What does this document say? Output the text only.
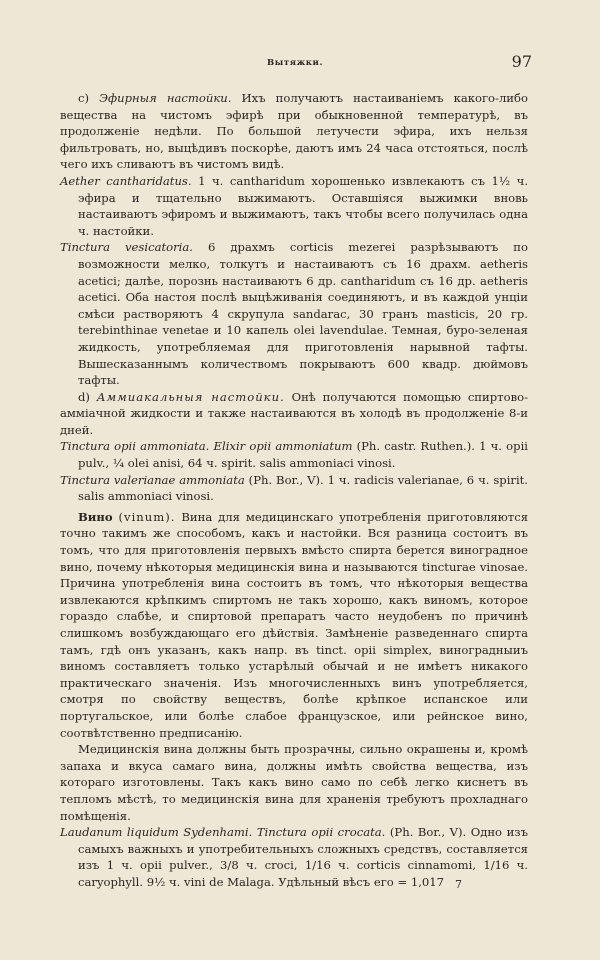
Вытяжки.	97

c) Эфирныя настойки. Ихъ получаютъ настаиваніемъ какого-либо вещества на чистомъ эфирѣ при обыкновенной температурѣ, въ продолженіе недѣли. По большой летучести эфира, ихъ нельзя фильтровать, но, выцѣдивъ поскорѣе, даютъ имъ 24 часа отстояться, послѣ чего ихъ сливаютъ въ чистомъ видѣ.

Aether cantharidatus. 1 ч. cantharidum хорошенько извлекаютъ съ 1½ ч. эфира и тщательно выжимаютъ. Оставшіяся выжимки вновь настаиваютъ эфиромъ и выжимаютъ, такъ чтобы всего получилась одна ч. настойки.

Tinctura vesicatoria. 6 драхмъ corticis mezerei разрѣзываютъ по возможности мелко, толкутъ и настаиваютъ съ 16 драхм. aetheris acetici; далѣе, порознь настаиваютъ 6 др. cantharidum съ 16 др. aetheris acetici. Оба настоя послѣ выцѣживанія соединяютъ, и въ каждой унціи смѣси растворяютъ 4 скрупула sandarac, 30 гранъ masticis, 20 гр. terebinthinae venetae и 10 капель olei lavendulae. Темная, буро-зеленая жидкость, употребляемая для приготовленія нарывной тафты. Вышесказаннымъ количествомъ покрываютъ 600 квадр. дюймовъ тафты.

d) Аммиакальныя настойки. Онѣ получаются помощью спиртово-аммiачной жидкости и также настаиваются въ холодѣ въ продолженіе 8-и дней.

Tinctura opii ammoniata. Elixir opii ammoniatum (Ph. castr. Ruthen.). 1 ч. opii pulv., ¼ olei anisi, 64 ч. spirit. salis ammoniaci vinosi.

Tinctura valerianae ammoniata (Ph. Bor., V). 1 ч. radicis valerianae, 6 ч. spirit. salis ammoniaci vinosi.

Вино (vinum). Вина для медицинскаго употребленія приготовляются точно такимъ же способомъ, какъ и настойки. Вся разница состоитъ въ томъ, что для приготовленія первыхъ вмѣсто спирта берется виноградное вино, почему нѣкоторыя медицинскія вина и называются tincturae vinosae. Причина употребленія вина состоитъ въ томъ, что нѣкоторыя вещества извлекаются крѣпкимъ спиртомъ не такъ хорошо, какъ виномъ, которое гораздо слабѣе, и спиртовой препаратъ часто неудобенъ по причинѣ слишкомъ возбуждающаго его дѣйствія. Замѣненіе разведеннаго спирта тамъ, гдѣ онъ указанъ, какъ напр. въ tinct. opii simplex, виноградныиъ виномъ составляетъ только устарѣлый обычай и не имѣетъ никакого практическаго значенія. Изъ многочисленныхъ винъ употребляется, смотря по свойству веществъ, болѣе крѣпкое испанское или португальское, или болѣе слабое французское, или рейнское вино, соотвѣтственно предписанію.

Медицинскія вина должны быть прозрачны, сильно окрашены и, кромѣ запаха и вкуса самаго вина, должны имѣть свойства вещества, изъ котораго изготовлены. Такъ какъ вино само по себѣ легко киснетъ въ тепломъ мѣстѣ, то медицинскія вина для храненія требуютъ прохладнаго помѣщенія.

Laudanum liquidum Sydenhami. Tinctura opii crocata. (Ph. Bor., V). Одно изъ самыхъ важныхъ и употребительныхъ сложныхъ средствъ, составляется изъ 1 ч. opii pulver., 3/8 ч. croci, 1/16 ч. corticis cinnamomi, 1/16 ч. caryophyll. 9½ ч. vini de Malaga. Удѣльный вѣсъ его = 1,017 7
